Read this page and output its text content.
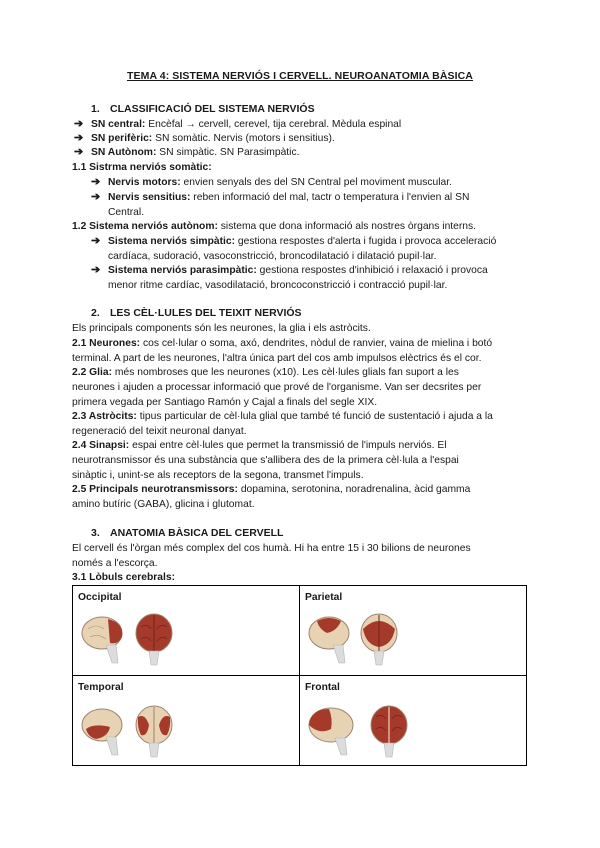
TEMA 4: SISTEMA NERVIÓS I CERVELL. NEUROANATOMIA BÀSICA
1. CLASSIFICACIÓ DEL SISTEMA NERVIÓS
➔ SN central: Encèfal → cervell, cerevel, tija cerebral. Mèdula espinal
➔ SN perifèric: SN somàtic. Nervis (motors i sensitius).
➔ SN Autònom: SN simpàtic. SN Parasimpàtic.
1.1 Sistrma nerviós somàtic:
➔ Nervis motors: envien senyals des del SN Central pel moviment muscular.
➔ Nervis sensitius: reben informació del mal, tactr o temperatura i l'envien al SN
Central.
1.2 Sistema nerviós autònom: sistema que dona informació als nostres òrgans interns.
➔ Sistema nerviós simpàtic: gestiona respostes d'alerta i fugida i provoca acceleració
cardíaca, sudoració, vasoconstricció, broncodilatació i dilatació pupil·lar.
➔ Sistema nerviós parasimpàtic: gestiona respostes d'inhibició i relaxació i provoca
menor ritme cardíac, vasodilatació, broncoconstricció i contracció pupil·lar.
2. LES CÈL·LULES DEL TEIXIT NERVIÓS
Els principals components són les neurones, la glia i els astròcits.
2.1 Neurones: cos cel·lular o soma, axó, dendrites, nòdul de ranvier, vaina de mielina i botó
terminal. A part de les neurones, l'altra única part del cos amb impulsos elèctrics és el cor.
2.2 Glia: més nombroses que les neurones (x10). Les cèl·lules glials fan suport a les
neurones i ajuden a processar informació que prové de l'organisme. Van ser decsrites per
primera vegada per Santiago Ramón y Cajal a finals del segle XIX.
2.3 Astròcits: tipus particular de cèl·lula glial que també té funció de sustentació i ajuda a la
regeneració del teixit neuronal danyat.
2.4 Sinapsi: espai entre cèl·lules que permet la transmissió de l'impuls nerviós. El
neurotransmissor és una substància que s'allibera des de la primera cèl·lula a l'espai
sinàptic i, unint-se als receptors de la segona, transmet l'impuls.
2.5 Principals neurotransmissors: dopamina, serotonina, noradrenalina, àcid gamma
amino butíric (GABA), glicina i glutomat.
3. ANATOMIA BÀSICA DEL CERVELL
El cervell és l'òrgan més complex del cos humà. Hi ha entre 15 i 30 bilions de neurones
només a l'escorça.
3.1 Lòbuls cerebrals:
Occipital	Parietal
Temporal	Frontal
